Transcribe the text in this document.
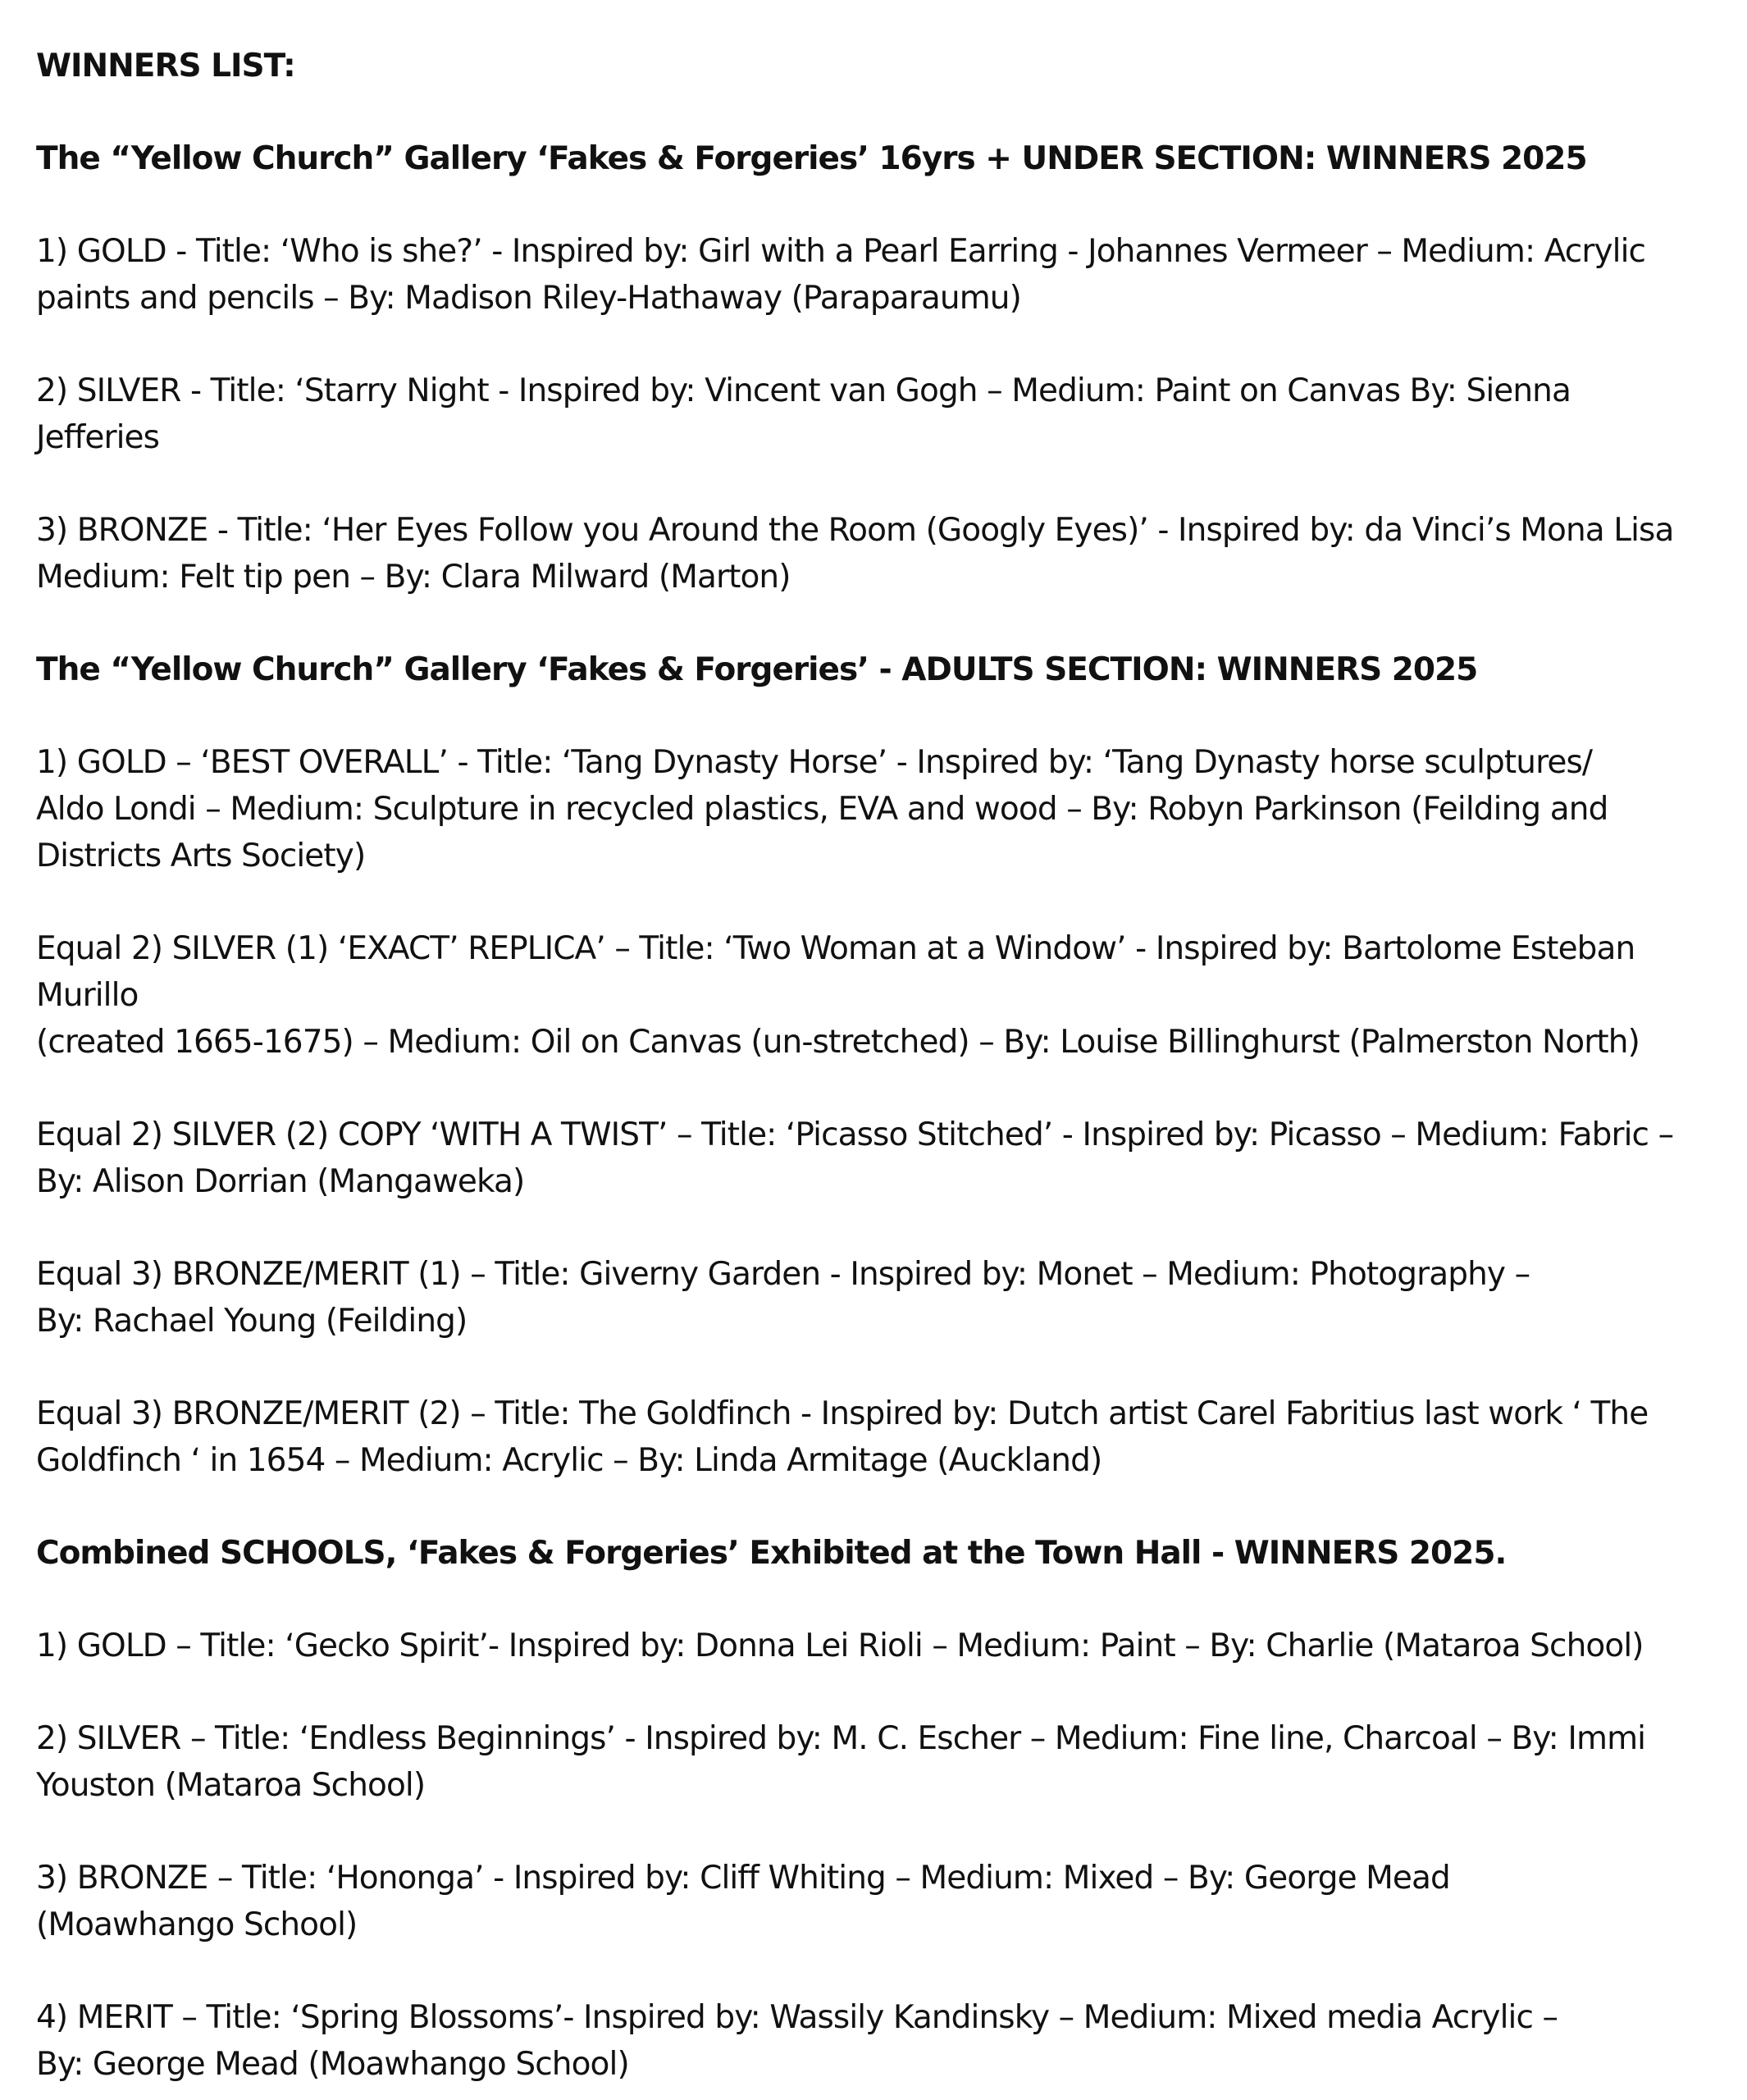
WINNERS LIST:
The “Yellow Church” Gallery ‘Fakes & Forgeries’ 16yrs + UNDER SECTION: WINNERS 2025
1) GOLD - Title: ‘Who is she?’ - Inspired by: Girl with a Pearl Earring - Johannes Vermeer – Medium: Acrylic
paints and pencils – By: Madison Riley-Hathaway (Paraparaumu)
2) SILVER - Title: ‘Starry Night - Inspired by: Vincent van Gogh – Medium: Paint on Canvas By: Sienna
Jefferies
3) BRONZE - Title: ‘Her Eyes Follow you Around the Room (Googly Eyes)’ - Inspired by: da Vinci’s Mona Lisa
Medium: Felt tip pen – By: Clara Milward (Marton)
The “Yellow Church” Gallery ‘Fakes & Forgeries’ - ADULTS SECTION: WINNERS 2025
1) GOLD – ‘BEST OVERALL’ - Title: ‘Tang Dynasty Horse’ - Inspired by: ‘Tang Dynasty horse sculptures/
Aldo Londi – Medium: Sculpture in recycled plastics, EVA and wood – By: Robyn Parkinson (Feilding and
Districts Arts Society)
Equal 2) SILVER (1) ‘EXACT’ REPLICA’ – Title: ‘Two Woman at a Window’ - Inspired by: Bartolome Esteban
Murillo
(created 1665-1675) – Medium: Oil on Canvas (un-stretched) – By: Louise Billinghurst (Palmerston North)
Equal 2) SILVER (2) COPY ‘WITH A TWIST’ – Title: ‘Picasso Stitched’ - Inspired by: Picasso – Medium: Fabric –
By: Alison Dorrian (Mangaweka)
Equal 3) BRONZE/MERIT (1) – Title: Giverny Garden - Inspired by: Monet – Medium: Photography –
By: Rachael Young (Feilding)
Equal 3) BRONZE/MERIT (2) – Title: The Goldfinch - Inspired by: Dutch artist Carel Fabritius last work ‘ The
Goldfinch ‘ in 1654 – Medium: Acrylic – By: Linda Armitage (Auckland)
Combined SCHOOLS, ‘Fakes & Forgeries’ Exhibited at the Town Hall - WINNERS 2025.
1) GOLD – Title: ‘Gecko Spirit’- Inspired by: Donna Lei Rioli – Medium: Paint – By: Charlie (Mataroa School)
2) SILVER – Title: ‘Endless Beginnings’ - Inspired by: M. C. Escher – Medium: Fine line, Charcoal – By: Immi
Youston (Mataroa School)
3) BRONZE – Title: ‘Hononga’ - Inspired by: Cliff Whiting – Medium: Mixed – By: George Mead
(Moawhango School)
4) MERIT – Title: ‘Spring Blossoms’- Inspired by: Wassily Kandinsky – Medium: Mixed media Acrylic –
By: George Mead (Moawhango School)
